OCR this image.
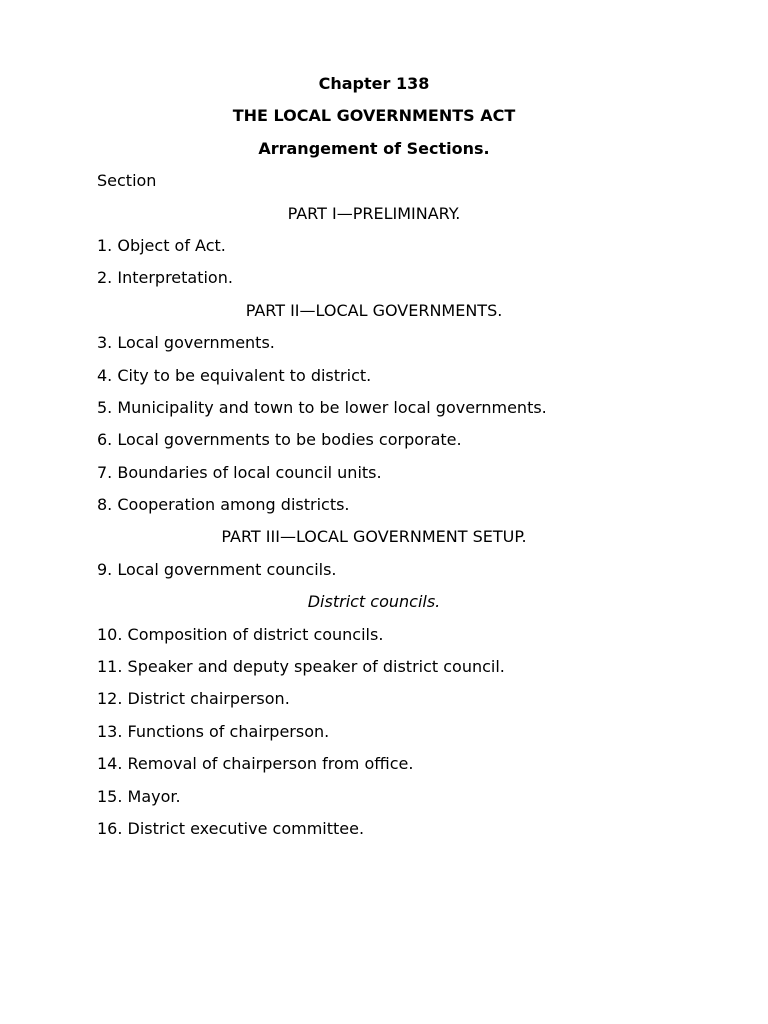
Chapter 138
THE LOCAL GOVERNMENTS ACT
Arrangement of Sections.
Section
PART I—PRELIMINARY.
1. Object of Act.
2. Interpretation.
PART II—LOCAL GOVERNMENTS.
3. Local governments.
4. City to be equivalent to district.
5. Municipality and town to be lower local governments.
6. Local governments to be bodies corporate.
7. Boundaries of local council units.
8. Cooperation among districts.
PART III—LOCAL GOVERNMENT SETUP.
9. Local government councils.
District councils.
10. Composition of district councils.
11. Speaker and deputy speaker of district council.
12. District chairperson.
13. Functions of chairperson.
14. Removal of chairperson from office.
15. Mayor.
16. District executive committee.
